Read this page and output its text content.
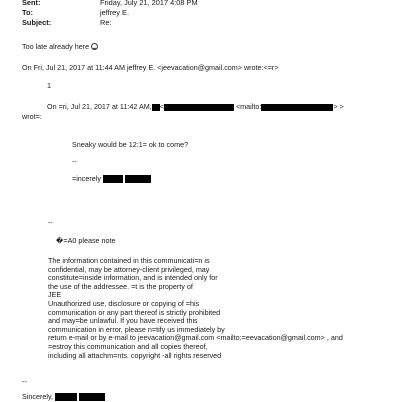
Sent:	Friday, July 21, 2017 4:08 PM
To:	jeffrey E.
Subject:	Re:
Too late already here
On Fri, Jul 21, 2017 at 11:44 AM jeffrey E. <jeevacation@gmail.com> wrote:<=r>
1
On =ri, Jul 21, 2017 at 11:42 AM, <	<mailto:	> >
wrot=:
Sneaky would be 12:1= ok to come?
--
=incerely
--
�=A0 please note
The information contained in this communicati=n is
confidential, may be attorney-client privileged, may
constitute=inside information, and is intended only for
the use of the addressee. =t is the property of
JEE
Unauthorized use, disclosure or copying of =his
communication or any part thereof is strictly prohibited
and may=be unlawful. If you have received this
communication in error, please n=tify us immediately by
return e-mail or by e-mail to jeevacation@gmail.com <mailto:=eevacation@gmail.com> , and
=estroy this communication and all copies thereof,
including all attachm=nts. copyright -all rights reserved
--
Sincerely,
